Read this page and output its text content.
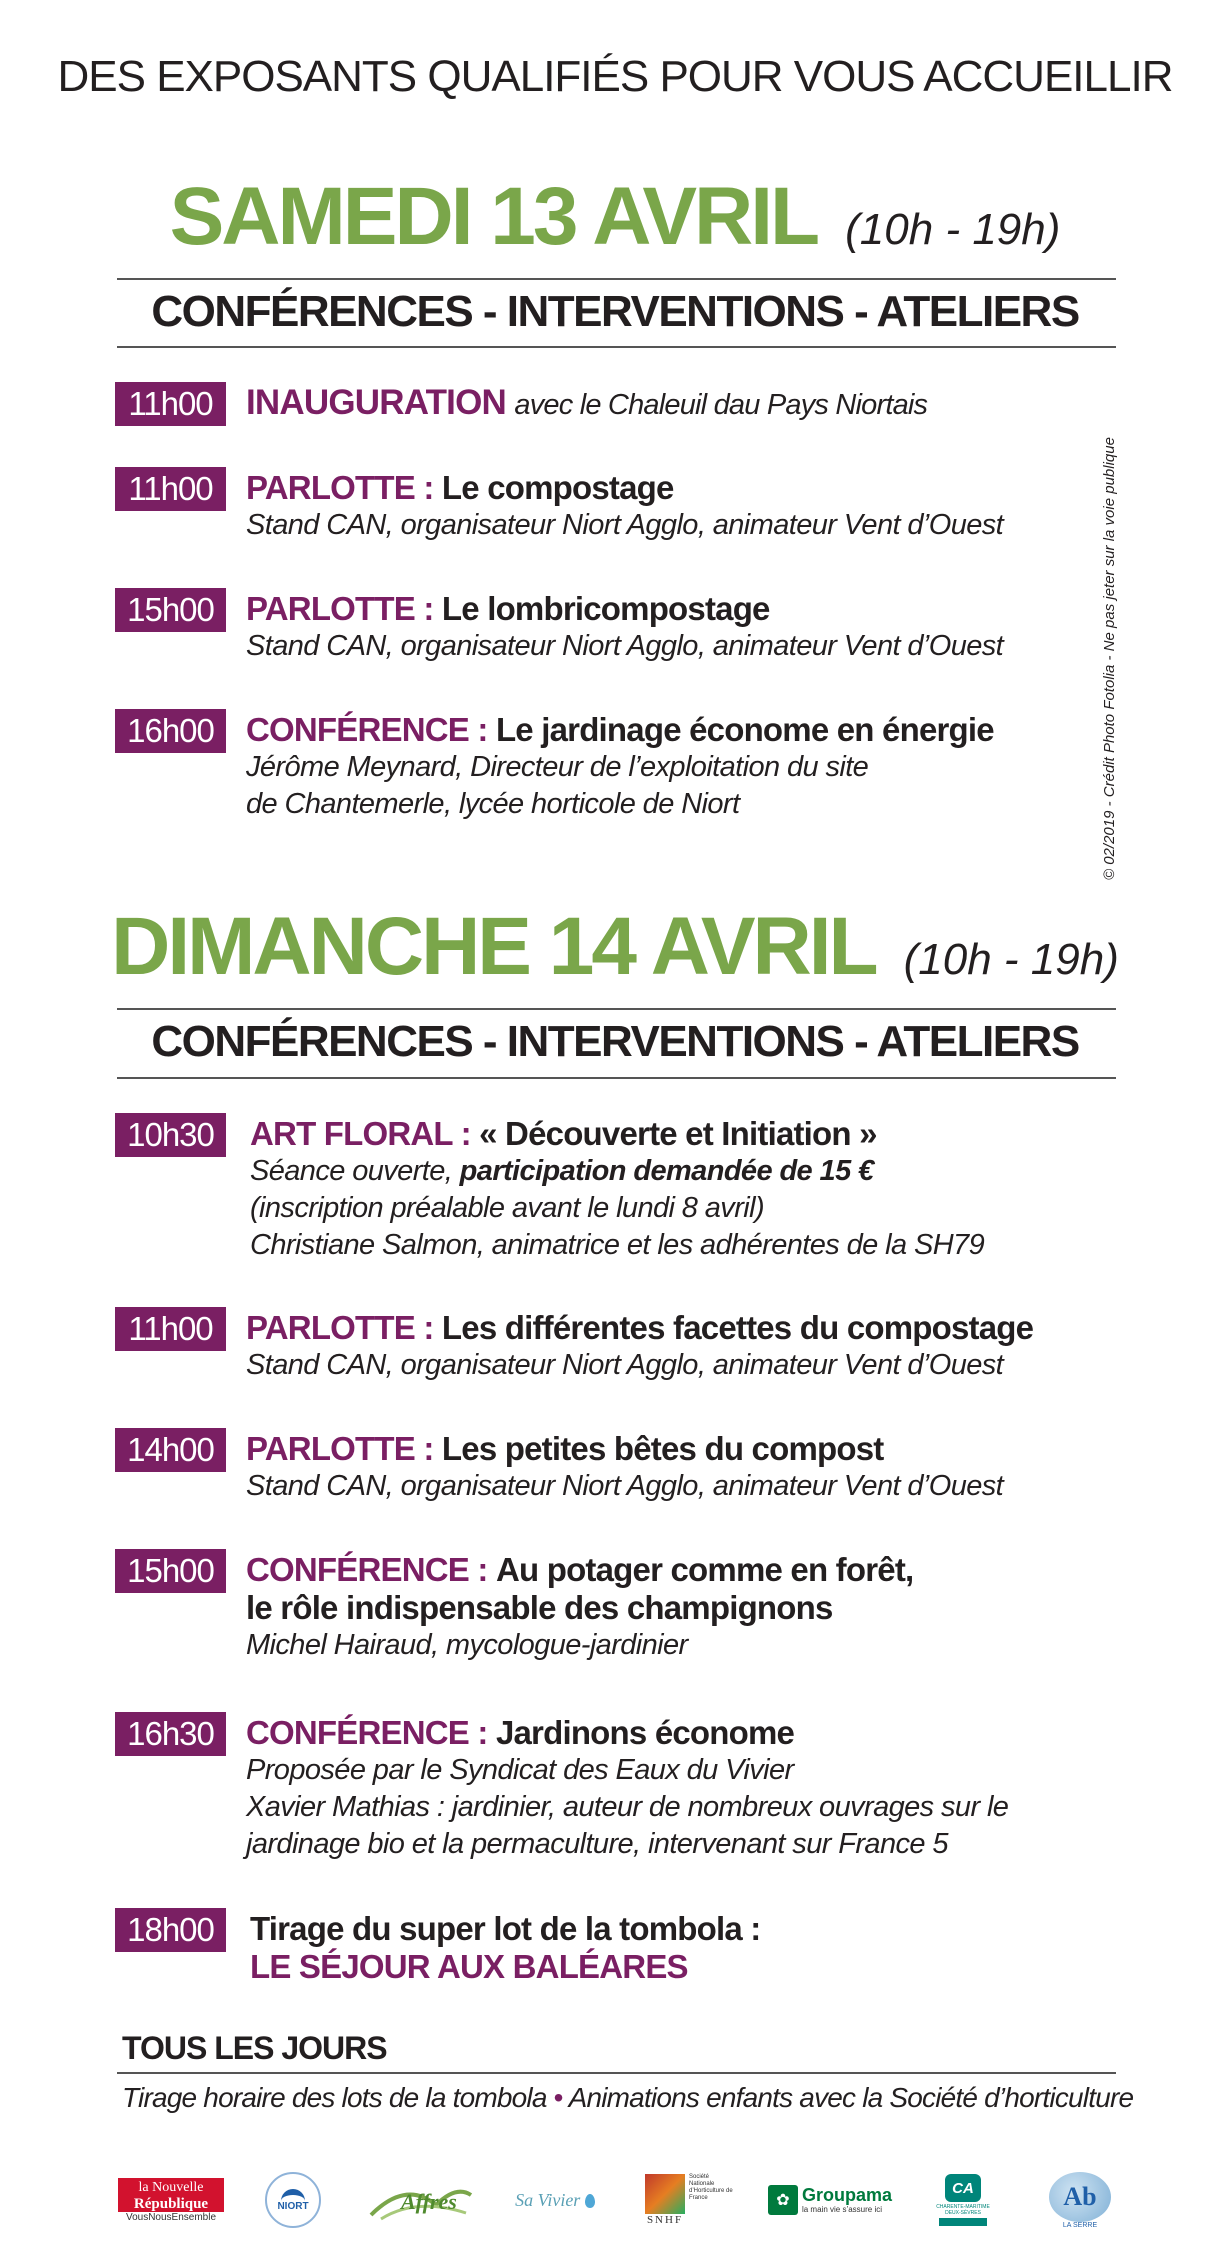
DES EXPOSANTS QUALIFIÉS POUR VOUS ACCUEILLIR
SAMEDI 13 AVRIL (10h - 19h)
CONFÉRENCES - INTERVENTIONS - ATELIERS
11h00 INAUGURATION avec le Chaleuil dau Pays Niortais
11h00	PARLOTTE : Le compostage
Stand CAN, organisateur Niort Agglo, animateur Vent d’Ouest
15h00 PARLOTTE : Le lombricompostage
Stand CAN, organisateur Niort Agglo, animateur Vent d’Ouest
16h00 CONFÉRENCE : Le jardinage économe en énergie
Jérôme Meynard, Directeur de l’exploitation du site
de Chantemerle, lycée horticole de Niort
DIMANCHE 14 AVRIL (10h - 19h)
CONFÉRENCES - INTERVENTIONS - ATELIERS
10h30	ART FLORAL : « Découverte et Initiation »
Séance ouverte, participation demandée de 15 €
(inscription préalable avant le lundi 8 avril)
Christiane Salmon, animatrice et les adhérentes de la SH79
11h00	PARLOTTE : Les différentes facettes du compostage
Stand CAN, organisateur Niort Agglo, animateur Vent d’Ouest
14h00 PARLOTTE : Les petites bêtes du compost
Stand CAN, organisateur Niort Agglo, animateur Vent d’Ouest
15h00 CONFÉRENCE : Au potager comme en forêt,
le rôle indispensable des champignons
Michel Hairaud, mycologue-jardinier
16h30 CONFÉRENCE : Jardinons économe
Proposée par le Syndicat des Eaux du Vivier
Xavier Mathias : jardinier, auteur de nombreux ouvrages sur le
jardinage bio et la permaculture, intervenant sur France 5
18h00	Tirage du super lot de la tombola :
LE SÉJOUR AUX BALÉARES
TOUS LES JOURS
Tirage horaire des lots de la tombola • Animations enfants avec la Société d’horticulture
© 02/2019 - Crédit Photo Fotolia - Ne pas jeter sur la voie publique
la Nouvelle
République
VousNousEnsemble
NIORT	Affres	Sa Vivier
SNHF
Société Nationale d’Horticulture de France	✿ Groupama
la main vie s’assure ici
CA
CHARENTE-MARITIME DEUX-SÈVRES
Ab
LA SERRE
